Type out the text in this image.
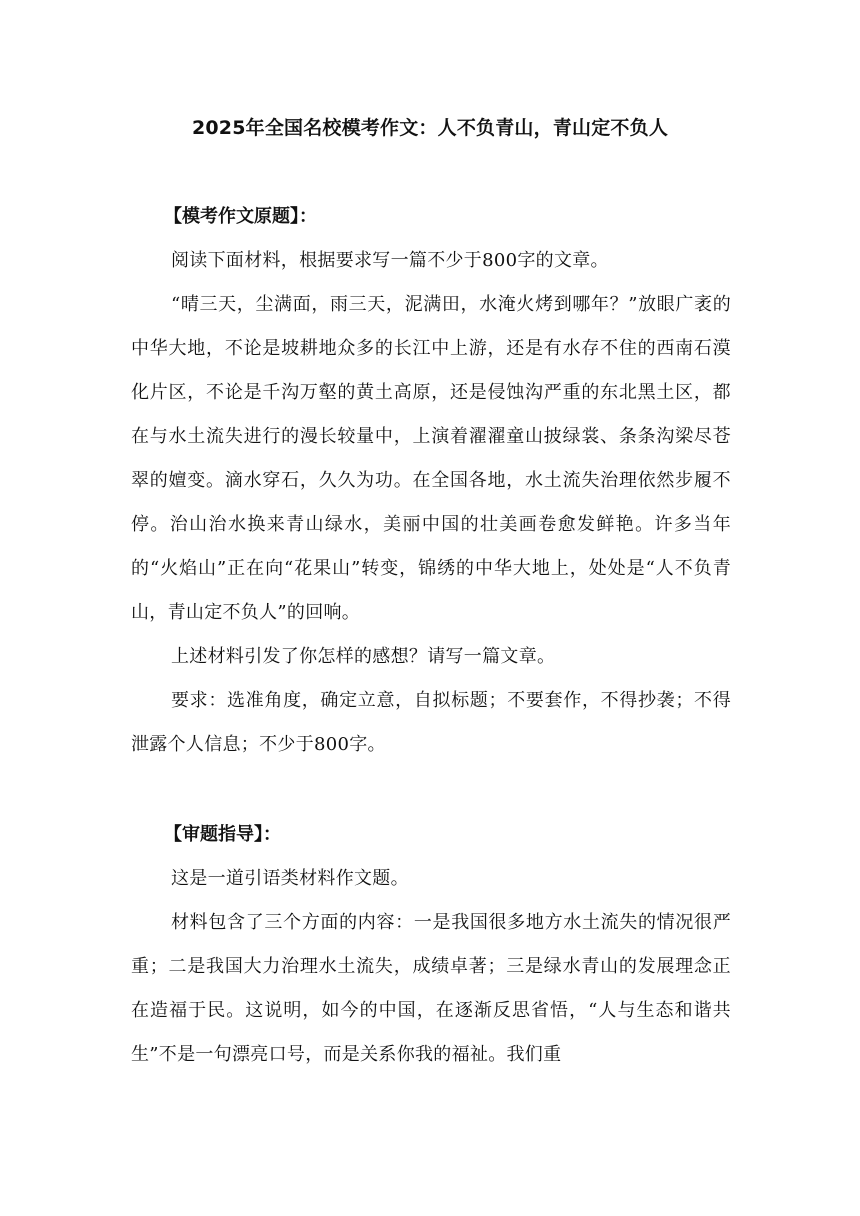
2025年全国名校模考作文：人不负青山，青山定不负人
【模考作文原题】：

阅读下面材料，根据要求写一篇不少于800字的文章。

“晴三天，尘满面，雨三天，泥满田，水淹火烤到哪年？”放眼广袤的中华大地，不论是坡耕地众多的长江中上游，还是有水存不住的西南石漠化片区，不论是千沟万壑的黄土高原，还是侵蚀沟严重的东北黑土区，都在与水土流失进行的漫长较量中，上演着濯濯童山披绿裳、条条沟梁尽苍翠的嬗变。滴水穿石，久久为功。在全国各地，水土流失治理依然步履不停。治山治水换来青山绿水，美丽中国的壮美画卷愈发鲜艳。许多当年的“火焰山”正在向“花果山”转变，锦绣的中华大地上，处处是“人不负青山，青山定不负人”的回响。

上述材料引发了你怎样的感想？请写一篇文章。

要求：选准角度，确定立意，自拟标题；不要套作，不得抄袭；不得泄露个人信息；不少于800字。

【审题指导】：

这是一道引语类材料作文题。

材料包含了三个方面的内容：一是我国很多地方水土流失的情况很严重；二是我国大力治理水土流失，成绩卓著；三是绿水青山的发展理念正在造福于民。这说明，如今的中国，在逐渐反思省悟，“人与生态和谐共生”不是一句漂亮口号，而是关系你我的福祉。我们重
